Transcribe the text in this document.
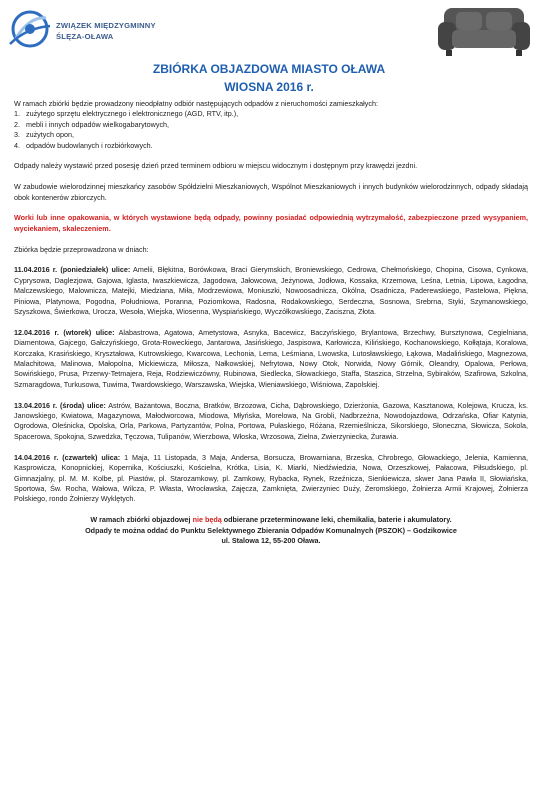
ZWIĄZEK MIĘDZYGMINNY
ŚLĘZA-OŁAWA
ZBIÓRKA OBJAZDOWA MIASTO OŁAWA
WIOSNA 2016 r.

W ramach zbiórki będzie prowadzony nieodpłatny odbiór następujących odpadów z nieruchomości zamieszkałych:

1. zużytego sprzętu elektrycznego i elektronicznego (AGD, RTV, itp.),
2. mebli i innych odpadów wielkogabarytowych,
3. zużytych opon,
4. odpadów budowlanych i rozbiórkowych.

Odpady należy wystawić przed posesję dzień przed terminem odbioru w miejscu widocznym i dostępnym przy krawędzi jezdni.

W zabudowie wielorodzinnej mieszkańcy zasobów Spółdzielni Mieszkaniowych, Wspólnot Mieszkaniowych i innych budynków wielorodzinnych, odpady składają obok kontenerów zbiorczych.

Worki lub inne opakowania, w których wystawione będą odpady, powinny posiadać odpowiednią wytrzymałość, zabezpieczone przed wysypaniem, wyciekaniem, skaleczeniem.

Zbiórka będzie przeprowadzona w dniach:

11.04.2016 r. (poniedziałek) ulice: Amelii, Błękitna, Borówkowa, Braci Gierymskich, Broniewskiego, Cedrowa, Chełmońskiego, Chopina, Cisowa, Cynkowa, Cyprysowa, Daglezjowa, Gajowa, Iglasta, Iwaszkiewicza, Jagodowa, Jałowcowa, Jeżynowa, Jodłowa, Kossaka, Krzemowa, Leśna, Letnia, Lipowa, Łagodna, Malczewskiego, Malownicza, Matejki, Miedziana, Miła, Modrzewiowa, Moniuszki, Nowoosadnicza, Okólna, Osadnicza, Paderewskiego, Pastelowa, Piękna, Piniowa, Platynowa, Pogodna, Południowa, Poranna, Poziomkowa, Radosna, Rodakowskiego, Serdeczna, Sosnowa, Srebrna, Styki, Szymanowskiego, Szyszkowa, Świerkowa, Urocza, Wesoła, Wiejska, Wiosenna, Wyspiańskiego, Wyczółkowskiego, Zaciszna, Złota.

12.04.2016 r. (wtorek) ulice: Alabastrowa, Agatowa, Ametystowa, Asnyka, Bacewicz, Baczyńskiego, Brylantowa, Brzechwy, Bursztynowa, Cegielniana, Diamentowa, Gajcego, Gałczyńskiego, Grota-Roweckiego, Jantarowa, Jasińskiego, Jaspisowa, Karłowicza, Kilińskiego, Kochanowskiego, Kołłątaja, Koralowa, Korczaka, Krasińskiego, Kryształowa, Kutrowskiego, Kwarcowa, Lechonia, Lema, Leśmiana, Lwowska, Lutosławskiego, Łąkowa, Madalińskiego, Magnezowa, Malachitowa, Malinowa, Małopolna, Mickiewicza, Miłosza, Nałkowskiej, Nefrytowa, Nowy Otok, Norwida, Nowy Górnik, Oleandry, Opalowa, Perłowa, Sowińskiego, Prusa, Przerwy-Tetmajera, Reja, Rodziewiczówny, Rubinowa, Siedlecka, Słowackiego, Staffa, Staszica, Strzelna, Sybiraków, Szafirowa, Szkolna, Szmaragdowa, Turkusowa, Tuwima, Twardowskiego, Warszawska, Wiejska, Wieniawskiego, Wiśniowa, Zapolskiej.

13.04.2016 r. (środa) ulice: Astrów, Bażantowa, Boczna, Bratków, Brzozowa, Cicha, Dąbrowskiego, Dzierżonia, Gazowa, Kasztanowa, Kolejowa, Krucza, ks. Janowskiego, Kwiatowa, Magazynowa, Małodworcowa, Miodowa, Młyńska, Morelowa, Na Grobli, Nadbrzeżna, Nowodojazdowa, Odrzańska, Ofiar Katynia, Ogrodowa, Oleśnicka, Opolska, Orla, Parkowa, Partyzantów, Polna, Portowa, Pułaskiego, Różana, Rzemieślnicza, Sikorskiego, Słoneczna, Słowicza, Sokola, Spacerowa, Spokojna, Szwedzka, Tęczowa, Tulipanów, Wierzbowa, Włoska, Wrzosowa, Zielna, Zwierzyniecka, Żurawia.

14.04.2016 r. (czwartek) ulica: 1 Maja, 11 Listopada, 3 Maja, Andersa, Borsucza, Browarniana, Brzeska, Chrobrego, Głowackiego, Jelenia, Kamienna, Kasprowicza, Konopnickiej, Kopernika, Kościuszki, Kościelna, Krótka, Lisia, K. Miarki, Niedźwiedzia, Nowa, Orzeszkowej, Pałacowa, Piłsudskiego, pl. Gimnazjalny, pl. M. M. Kolbe, pl. Piastów, pl. Starozamkowy, pl. Zamkowy, Rybacka, Rynek, Rzeźnicza, Sienkiewicza, skwer Jana Pawła II, Słowiańska, Sportowa, Św. Rocha, Wałowa, Wilcza, P. Własta, Wrocławska, Zajęcza, Zamknięta, Zwierzyniec Duży, Żeromskiego, Żołnierza Armii Krajowej, Żołnierza Polskiego, rondo Żołnierzy Wyklętych.

W ramach zbiórki objazdowej nie będą odbierane przeterminowane leki, chemikalia, baterie i akumulatory.
Odpady te można oddać do Punktu Selektywnego Zbierania Odpadów Komunalnych (PSZOK) – Godzikowice
ul. Stalowa 12, 55-200 Oława.
